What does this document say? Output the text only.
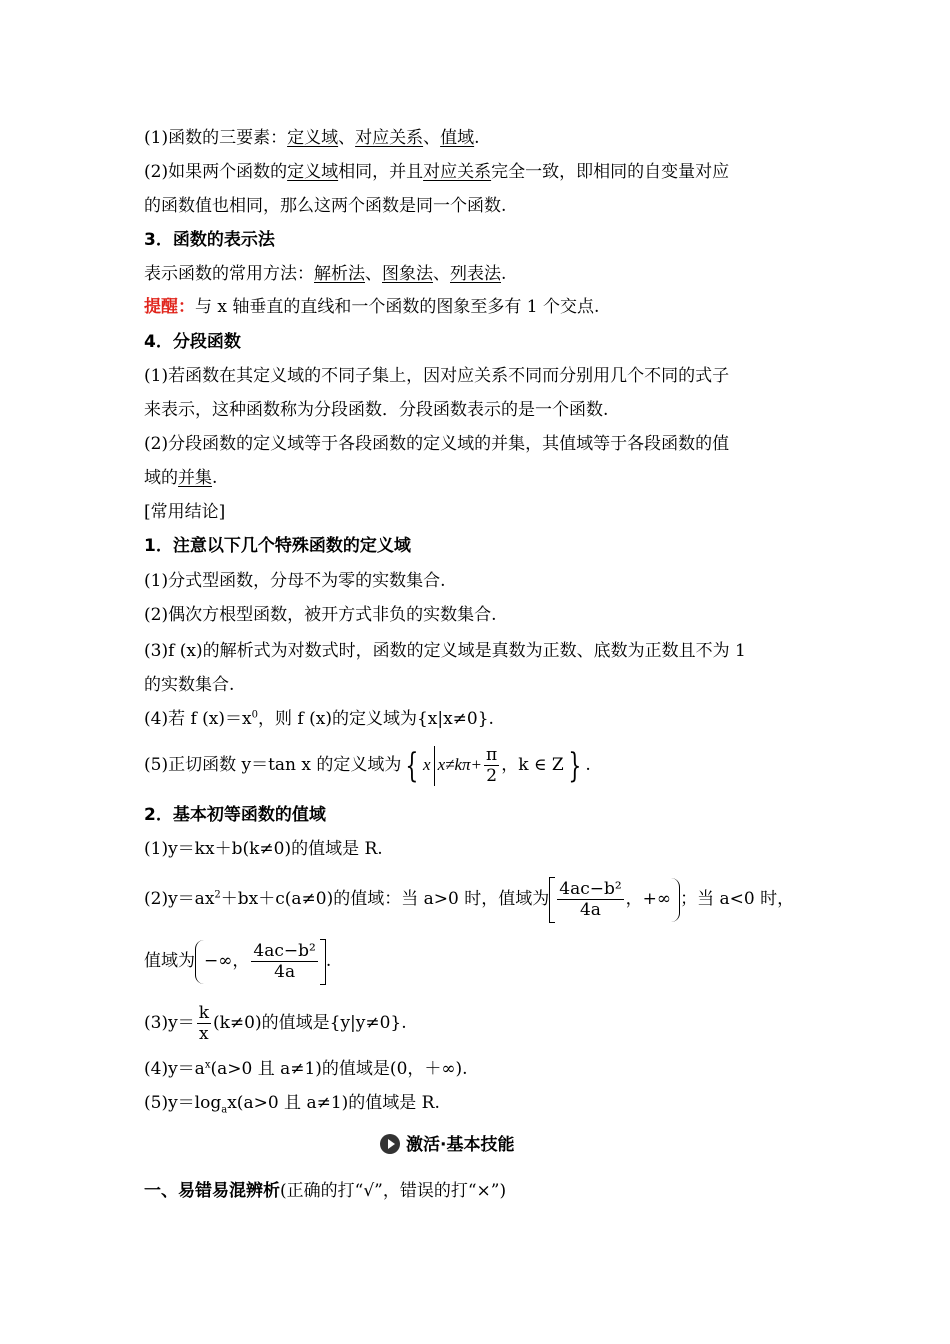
(1)函数的三要素：定义域、对应关系、值域.
(2)如果两个函数的定义域相同，并且对应关系完全一致，即相同的自变量对应
的函数值也相同，那么这两个函数是同一个函数.
3．函数的表示法
表示函数的常用方法：解析法、图象法、列表法.
提醒：与 x 轴垂直的直线和一个函数的图象至多有 1 个交点.
4．分段函数
(1)若函数在其定义域的不同子集上，因对应关系不同而分别用几个不同的式子
来表示，这种函数称为分段函数．分段函数表示的是一个函数.
(2)分段函数的定义域等于各段函数的定义域的并集，其值域等于各段函数的值
域的并集.
[常用结论]
1．注意以下几个特殊函数的定义域
(1)分式型函数，分母不为零的实数集合.
(2)偶次方根型函数，被开方式非负的实数集合.
(3)f (x)的解析式为对数式时，函数的定义域是真数为正数、底数为正数且不为 1
的实数集合.
(4)若 f $(x)=x^0$，则 f (x)的定义域为{x|x≠0}.
(5)正切函数 y＝tan x 的定义域为 { x $x\ne k\pi+ \frac{\pi}{2}$ ，k ∈ Z } .
2．基本初等函数的值域
(1)y＝kx＋b(k≠0)的值域是 R.
$(2)y=ax^2+bx+c(a\ne 0)$的值域：当 a>0 时，值域为 $\frac{\text{4ac−b²}}{4a}$ ，+∞ ；当 a<0 时，
值域为 −∞， $\frac{\text{4ac−b²}}{4a}$ .
$(3)y= \frac{k}{x} (k\ne 0)$的值域是{y|y≠0}.
$(4)y=a^x(a>0$ 且 a≠1)的值域是(0，＋∞).
$(5)y=\log_ax(a>0$ 且 a≠1)的值域是 R.
激活·基本技能
一、易错易混辨析(正确的打“√”，错误的打“×”)
